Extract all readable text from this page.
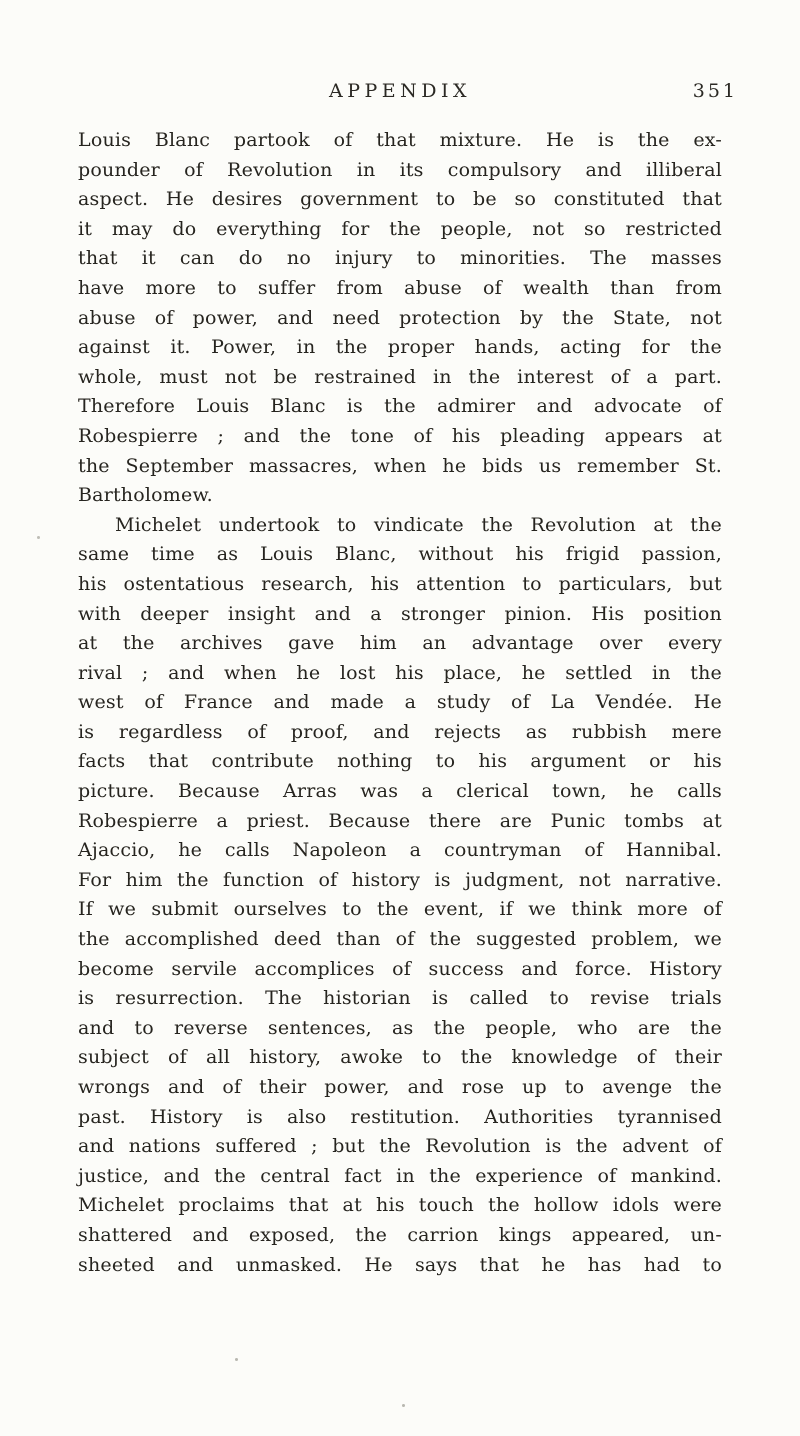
APPENDIX	351
Louis Blanc partook of that mixture. He is the ex-
pounder of Revolution in its compulsory and illiberal
aspect. He desires government to be so constituted that
it may do everything for the people, not so restricted
that it can do no injury to minorities. The masses
have more to suffer from abuse of wealth than from
abuse of power, and need protection by the State, not
against it. Power, in the proper hands, acting for the
whole, must not be restrained in the interest of a part.
Therefore Louis Blanc is the admirer and advocate of
Robespierre ; and the tone of his pleading appears at
the September massacres, when he bids us remember St.
Bartholomew.
Michelet undertook to vindicate the Revolution at the
same time as Louis Blanc, without his frigid passion,
his ostentatious research, his attention to particulars, but
with deeper insight and a stronger pinion. His position
at the archives gave him an advantage over every
rival ; and when he lost his place, he settled in the
west of France and made a study of La Vendée. He
is regardless of proof, and rejects as rubbish mere
facts that contribute nothing to his argument or his
picture. Because Arras was a clerical town, he calls
Robespierre a priest. Because there are Punic tombs at
Ajaccio, he calls Napoleon a countryman of Hannibal.
For him the function of history is judgment, not narrative.
If we submit ourselves to the event, if we think more of
the accomplished deed than of the suggested problem, we
become servile accomplices of success and force. History
is resurrection. The historian is called to revise trials
and to reverse sentences, as the people, who are the
subject of all history, awoke to the knowledge of their
wrongs and of their power, and rose up to avenge the
past. History is also restitution. Authorities tyrannised
and nations suffered ; but the Revolution is the advent of
justice, and the central fact in the experience of mankind.
Michelet proclaims that at his touch the hollow idols were
shattered and exposed, the carrion kings appeared, un-
sheeted and unmasked. He says that he has had to
